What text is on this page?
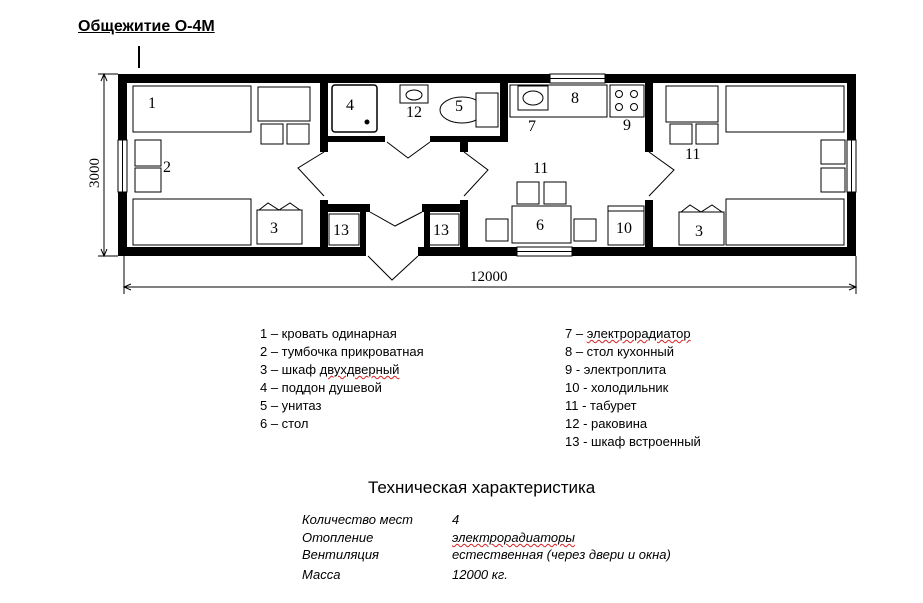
Общежитие О-4М
1
2
3	3
4	5
6
7
8
9
10
11
11
12
13	13
12000
3000
1 – кровать одинарная
2 – тумбочка прикроватная
3 – шкаф двухдверный
4 – поддон душевой
5 – унитаз
6 – стол
7 – электрорадиатор
8 – стол кухонный
9 - электроплита
10 - холодильник
11 - табурет
12 - раковина
13 - шкаф встроенный
Техническая характеристика
Количество мест	4
Отопление	электрорадиаторы
Вентиляция	естественная (через двери и окна)
Масса	12000 кг.
